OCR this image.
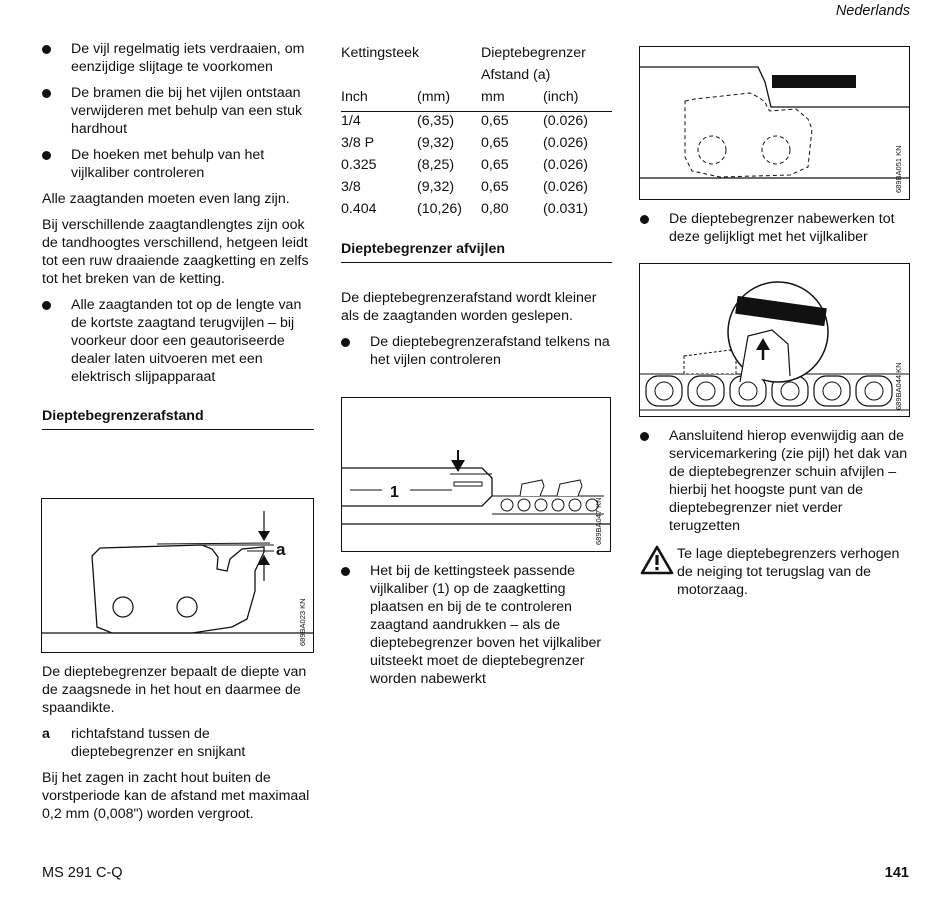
Nederlands

De vijl regelmatig iets verdraaien, om eenzijdige slijtage te voorkomen

De bramen die bij het vijlen ontstaan verwijderen met behulp van een stuk hardhout

De hoeken met behulp van het vijlkaliber controleren

Alle zaagtanden moeten even lang zijn.

Bij verschillende zaagtandlengtes zijn ook de tandhoogtes verschillend, hetgeen leidt tot een ruw draaiende zaagketting en zelfs tot het breken van de ketting.

Alle zaagtanden tot op de lengte van de kortste zaagtand terugvijlen – bij voorkeur door een geautoriseerde dealer laten uitvoeren met een elektrisch slijpapparaat

Dieptebegrenzerafstand
a
689BA023 KN

De dieptebegrenzer bepaalt de diepte van de zaagsnede in het hout en daarmee de spaandikte.

a richtafstand tussen de dieptebegrenzer en snijkant

Bij het zagen in zacht hout buiten de vorstperiode kan de afstand met maximaal 0,2 mm (0,008") worden vergroot.

Kettingsteek		Dieptebegrenzer	
		Afstand (a)	
Inch	(mm)	mm	(inch)
1/4	(6,35)	0,65	(0.026)
3/8 P	(9,32)	0,65	(0.026)
0.325	(8,25)	0,65	(0.026)
3/8	(9,32)	0,65	(0.026)
0.404	(10,26)	0,80	(0.031)
Dieptebegrenzer afvijlen

De dieptebegrenzerafstand wordt kleiner als de zaagtanden worden geslepen.

De dieptebegrenzerafstand telkens na het vijlen controleren

1
689BA047 KN

Het bij de kettingsteek passende vijlkaliber (1) op de zaagketting plaatsen en bij de te controleren zaagtand aandrukken – als de dieptebegrenzer boven het vijlkaliber uitsteekt moet de dieptebegrenzer worden nabewerkt

689BA051 KN

De dieptebegrenzer nabewerken tot deze gelijkligt met het vijlkaliber

689BA044 KN

Aansluitend hierop evenwijdig aan de servicemarkering (zie pijl) het dak van de dieptebegrenzer schuin afvijlen – hierbij het hoogste punt van de dieptebegrenzer niet verder terugzetten

Te lage dieptebegrenzers verhogen de neiging tot terugslag van de motorzaag.

MS 291 C-Q	141
